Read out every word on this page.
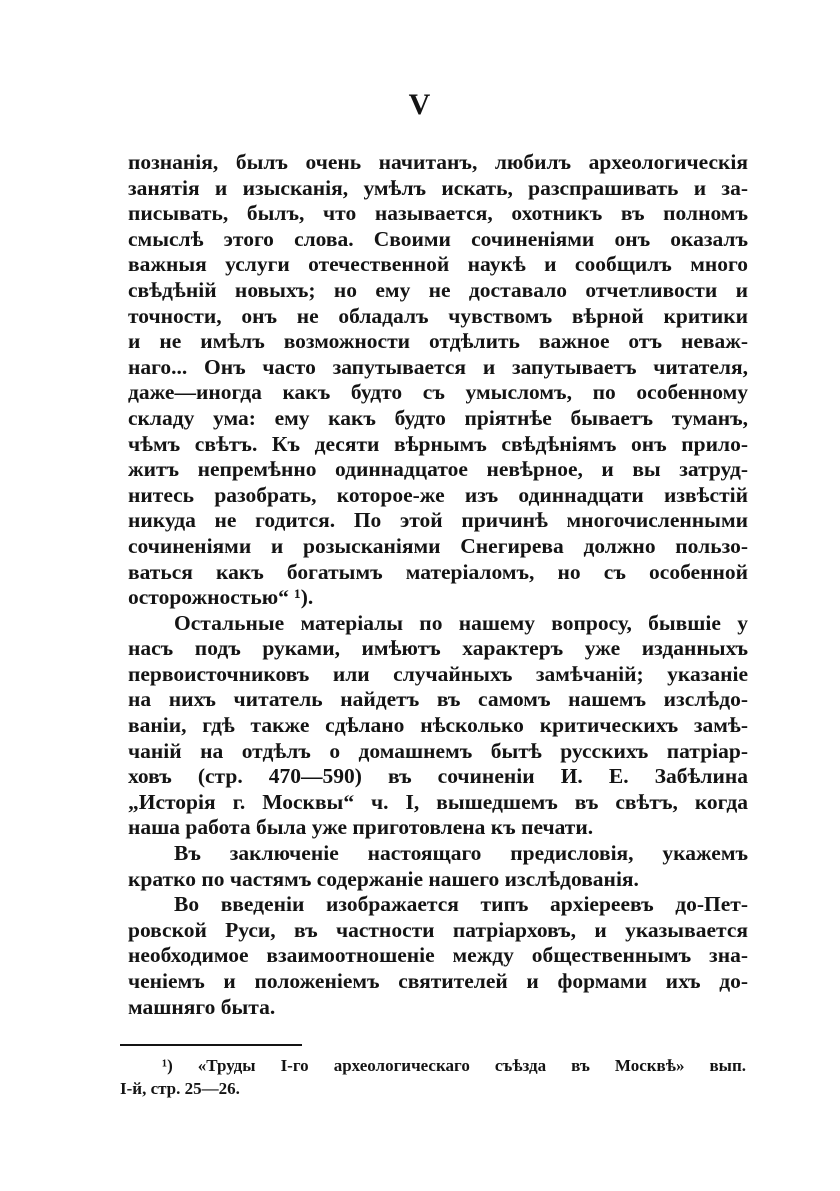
V
познанія, былъ очень начитанъ, любилъ археологическія
занятія и изысканія, умѣлъ искать, разспрашивать и за-
писывать, былъ, что называется, охотникъ въ полномъ
смыслѣ этого слова. Своими сочиненіями онъ оказалъ
важныя услуги отечественной наукѣ и сообщилъ много
свѣдѣній новыхъ; но ему не доставало отчетливости и
точности, онъ не обладалъ чувствомъ вѣрной критики
и не имѣлъ возможности отдѣлить важное отъ невaж-
наго... Онъ часто запутывается и запутываетъ читателя,
даже—иногда какъ будто съ умысломъ, по особенному
складу ума: ему какъ будто пріятнѣе бываетъ туманъ,
чѣмъ свѣтъ. Къ десяти вѣрнымъ свѣдѣніямъ онъ прило-
житъ непремѣнно одиннадцатое невѣрное, и вы затруд-
нитесь разобрать, которое-же изъ одиннадцати извѣстій
никуда не годится. По этой причинѣ многочисленными
сочиненіями и розысканіями Снегирева должно пользо-
ваться какъ богатымъ матеріаломъ, но съ особенной
осторожностью“ ¹).
Остальные матеріалы по нашему вопросу, бывшіе у
насъ подъ руками, имѣютъ характеръ уже изданныхъ
первоисточниковъ или случайныхъ замѣчаній; указаніе
на нихъ читатель найдетъ въ самомъ нашемъ изслѣдо-
ваніи, гдѣ также сдѣлано нѣсколько критическихъ замѣ-
чаній на отдѣлъ о домашнемъ бытѣ русскихъ патріар-
ховъ (стр. 470—590) въ сочиненіи И. Е. Забѣлина
„Исторія г. Москвы“ ч. I, вышедшемъ въ свѣтъ, когда
наша работа была уже приготовлена къ печати.
Въ заключеніе настоящаго предисловія, укажемъ
кратко по частямъ содержаніе нашего изслѣдованія.
Во введеніи изображается типъ архіереевъ до-Пет-
ровской Руси, въ частности патріарховъ, и указывается
необходимое взаимоотношеніе между общественнымъ зна-
ченіемъ и положеніемъ святителей и формами ихъ до-
машняго быта.
¹) «Труды I-го археологическаго съѣзда въ Москвѣ» вып.
I-й, стр. 25—26.
